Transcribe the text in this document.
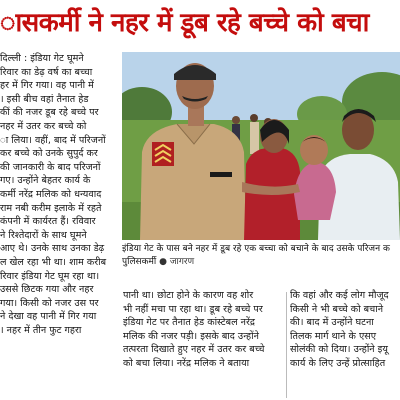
ासकर्मी ने नहर में डूब रहे बच्चे को बचा
दिल्ली : इंडिया गेट घूमने
रिवार का डेढ़ वर्ष का बच्चा
हर में गिर गया। वह पानी में
। इसी बीच वहां तैनात हेड
कीं की नजर डूब रहे बच्चे पर
नहर में उतर कर बच्चे को
ा लिया। वहीं, बाद में परिजनों
कर बच्चे को उनके सुपुर्द कर
की जानकारी के बाद परिजनों
गए। उन्होंने बेहतर कार्य के
कर्मी नरेंद्र मलिक को धन्यवाद
राम नबी करीम इलाके में रहते
कंपनी में कार्यरत हैं। रविवार
ने रिश्तेदारों के साथ घूमने
आए थे। उनके साथ उनका डेढ़
ल खेल रहा भी था। शाम करीब
रिवार इंडिया गेट घूम रहा था।
उससे छिटक गया और नहर
गया। किसी को नजर उस पर
ने देखा वह पानी में गिर गया
। नहर में तीन फुट गहरा
इंडिया गेट के पास बने नहर में डूब रहे एक बच्चा को बचाने के बाद उसके परिजन क
पुलिसकर्मी ● जागरण
पानी था। छोटा होने के कारण वह शोर
भी नहीं मचा पा रहा था। डूब रहे बच्चे पर
इंडिया गेट पर तैनात हेड कांस्टेबल नरेंद्र
मलिक की नजर पड़ी। इसके बाद उन्होंने
तत्परता दिखाते हुए नहर में उतर कर बच्चे
को बचा लिया। नरेंद्र मलिक ने बताया
कि वहां और कई लोग मौजूद
किसी ने भी बच्चे को बचाने
की। बाद में उन्होंने घटना
तिलक मार्ग थाने के एसए
सोलंकी को दिया। उन्होंने इयू
कार्य के लिए उन्हें प्रोत्साहित
